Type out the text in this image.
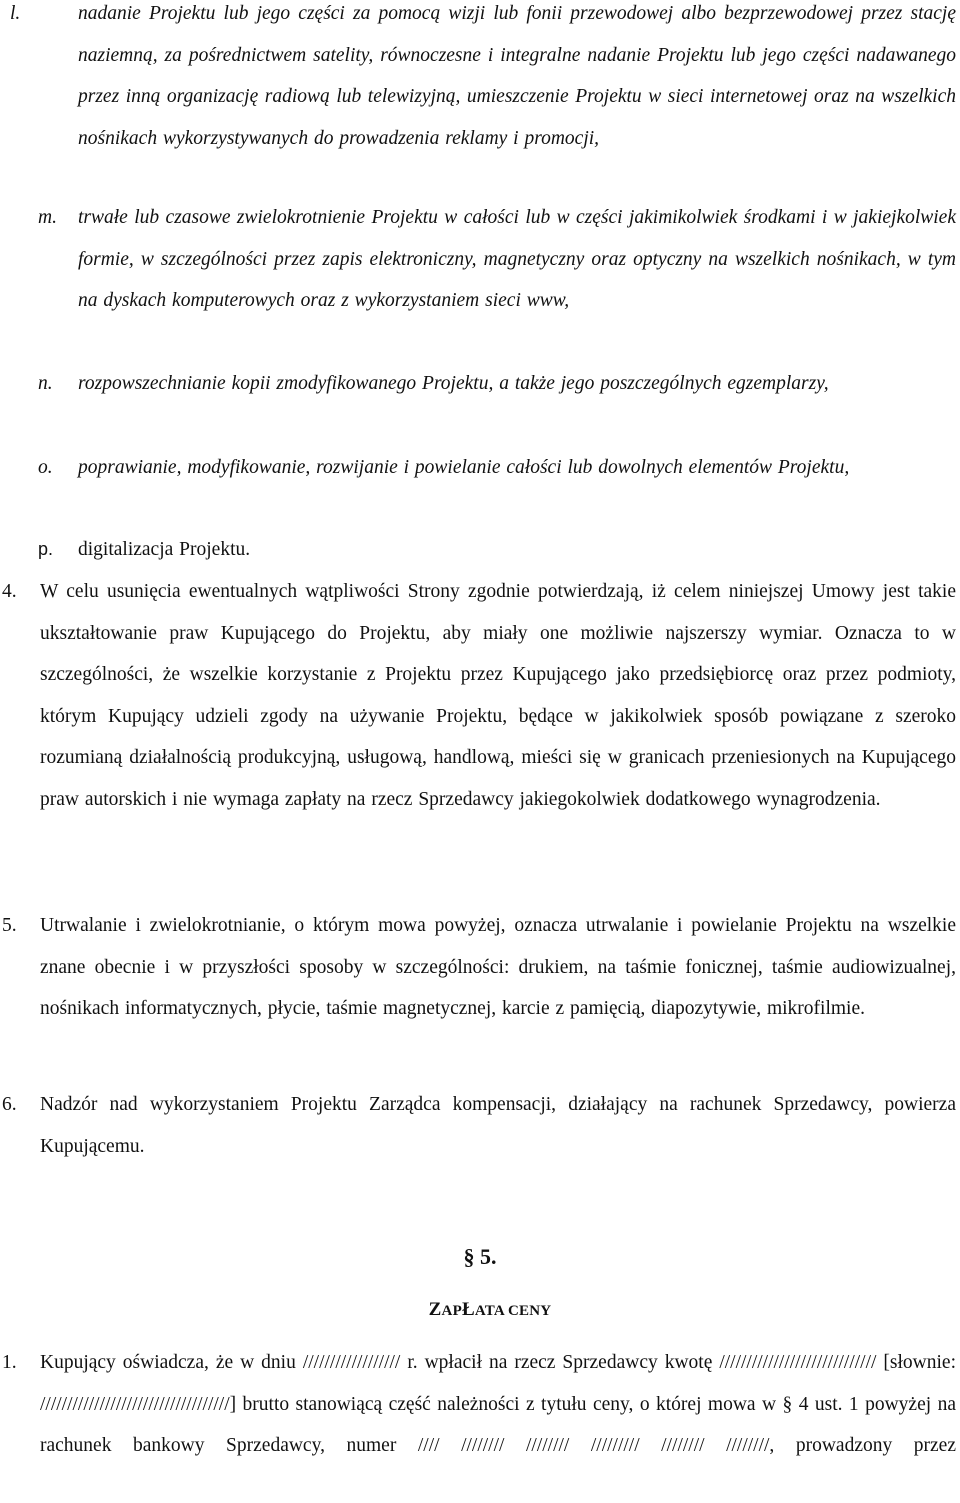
l.	nadanie Projektu lub jego części za pomocą wizji lub fonii przewodowej albo bezprzewodowej przez stację naziemną, za pośrednictwem satelity, równoczesne i integralne nadanie Projektu lub jego części nadawanego przez inną organizację radiową lub telewizyjną, umieszczenie Projektu w sieci internetowej oraz na wszelkich nośnikach wykorzystywanych do prowadzenia reklamy i promocji,
m. trwałe lub czasowe zwielokrotnienie Projektu w całości lub w części jakimikolwiek środkami i w jakiejkolwiek formie, w szczególności przez zapis elektroniczny, magnetyczny oraz optyczny na wszelkich nośnikach, w tym na dyskach komputerowych oraz z wykorzystaniem sieci www,
n. rozpowszechnianie kopii zmodyfikowanego Projektu, a także jego poszczególnych egzemplarzy,
o. poprawianie, modyfikowanie, rozwijanie i powielanie całości lub dowolnych elementów Projektu,
p. digitalizacja Projektu.
4. W celu usunięcia ewentualnych wątpliwości Strony zgodnie potwierdzają, iż celem niniejszej Umowy jest takie ukształtowanie praw Kupującego do Projektu, aby miały one możliwie najszerszy wymiar. Oznacza to w szczególności, że wszelkie korzystanie z Projektu przez Kupującego jako przedsiębiorcę oraz przez podmioty, którym Kupujący udzieli zgody na używanie Projektu, będące w jakikolwiek sposób powiązane z szeroko rozumianą działalnością produkcyjną, usługową, handlową, mieści się w granicach przeniesionych na Kupującego praw autorskich i nie wymaga zapłaty na rzecz Sprzedawcy jakiegokolwiek dodatkowego wynagrodzenia.
5. Utrwalanie i zwielokrotnianie, o którym mowa powyżej, oznacza utrwalanie i powielanie Projektu na wszelkie znane obecnie i w przyszłości sposoby w szczególności: drukiem, na taśmie fonicznej, taśmie audiowizualnej, nośnikach informatycznych, płycie, taśmie magnetycznej, karcie z pamięcią, diapozytywie, mikrofilmie.
6. Nadzór nad wykorzystaniem Projektu Zarządca kompensacji, działający na rachunek Sprzedawcy, powierza Kupującemu.
§ 5.
ZAPŁATA CENY
1. Kupujący oświadcza, że w dniu ////////////////// r. wpłacił na rzecz Sprzedawcy kwotę ///////////////////////////// [słownie: ///////////////////////////////////] brutto stanowiącą część należności z tytułu ceny, o której mowa w § 4 ust. 1 powyżej na rachunek bankowy Sprzedawcy, numer //// //////// //////// ///////// //////// ////////, prowadzony przez
